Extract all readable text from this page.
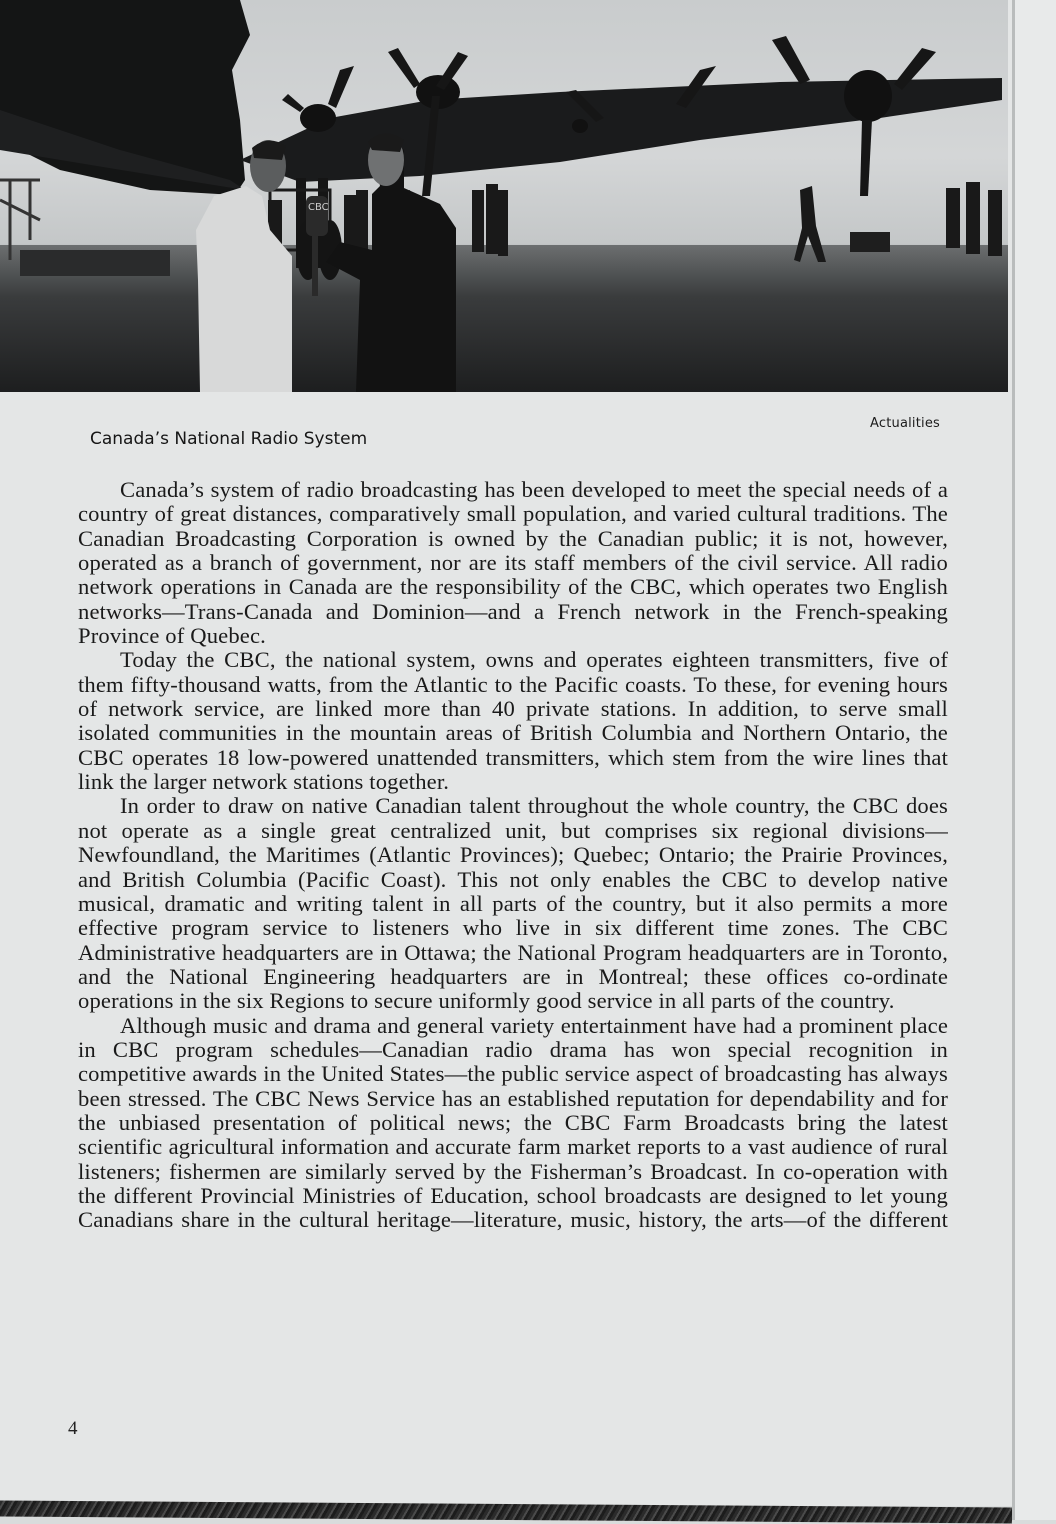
CBC
Actualities
Canada’s National Radio System

Canada’s system of radio broadcasting has been developed to meet the special needs of a country of great distances, comparatively small population, and varied cultural traditions. The Canadian Broadcasting Corporation is owned by the Canadian public; it is not, however, operated as a branch of government, nor are its staff members of the civil service. All radio network operations in Canada are the responsibility of the CBC, which operates two English networks—Trans-Canada and Dominion—and a French network in the French-speaking Province of Quebec.

Today the CBC, the national system, owns and operates eighteen transmitters, five of them fifty-thousand watts, from the Atlantic to the Pacific coasts. To these, for evening hours of network service, are linked more than 40 private stations. In addition, to serve small isolated communities in the mountain areas of British Columbia and Northern Ontario, the CBC operates 18 low-powered unattended transmitters, which stem from the wire lines that link the larger network stations together.

In order to draw on native Canadian talent throughout the whole country, the CBC does not operate as a single great centralized unit, but comprises six regional divisions—Newfoundland, the Maritimes (Atlantic Provinces); Quebec; Ontario; the Prairie Provinces, and British Columbia (Pacific Coast). This not only enables the CBC to develop native musical, dramatic and writing talent in all parts of the country, but it also permits a more effective program service to listeners who live in six different time zones. The CBC Administrative headquarters are in Ottawa; the National Program headquarters are in Toronto, and the National Engineering headquarters are in Montreal; these offices co-ordinate operations in the six Regions to secure uniformly good service in all parts of the country.

Although music and drama and general variety entertainment have had a prominent place in CBC program schedules—Canadian radio drama has won special recognition in competitive awards in the United States—the public service aspect of broadcasting has always been stressed. The CBC News Service has an established reputation for dependability and for the unbiased presentation of political news; the CBC Farm Broadcasts bring the latest scientific agricultural information and accurate farm market reports to a vast audience of rural listeners; fishermen are similarly served by the Fisherman’s Broadcast. In co-operation with the different Provincial Ministries of Education, school broadcasts are designed to let young Canadians share in the cultural heritage—literature, music, history, the arts—of the different

4
